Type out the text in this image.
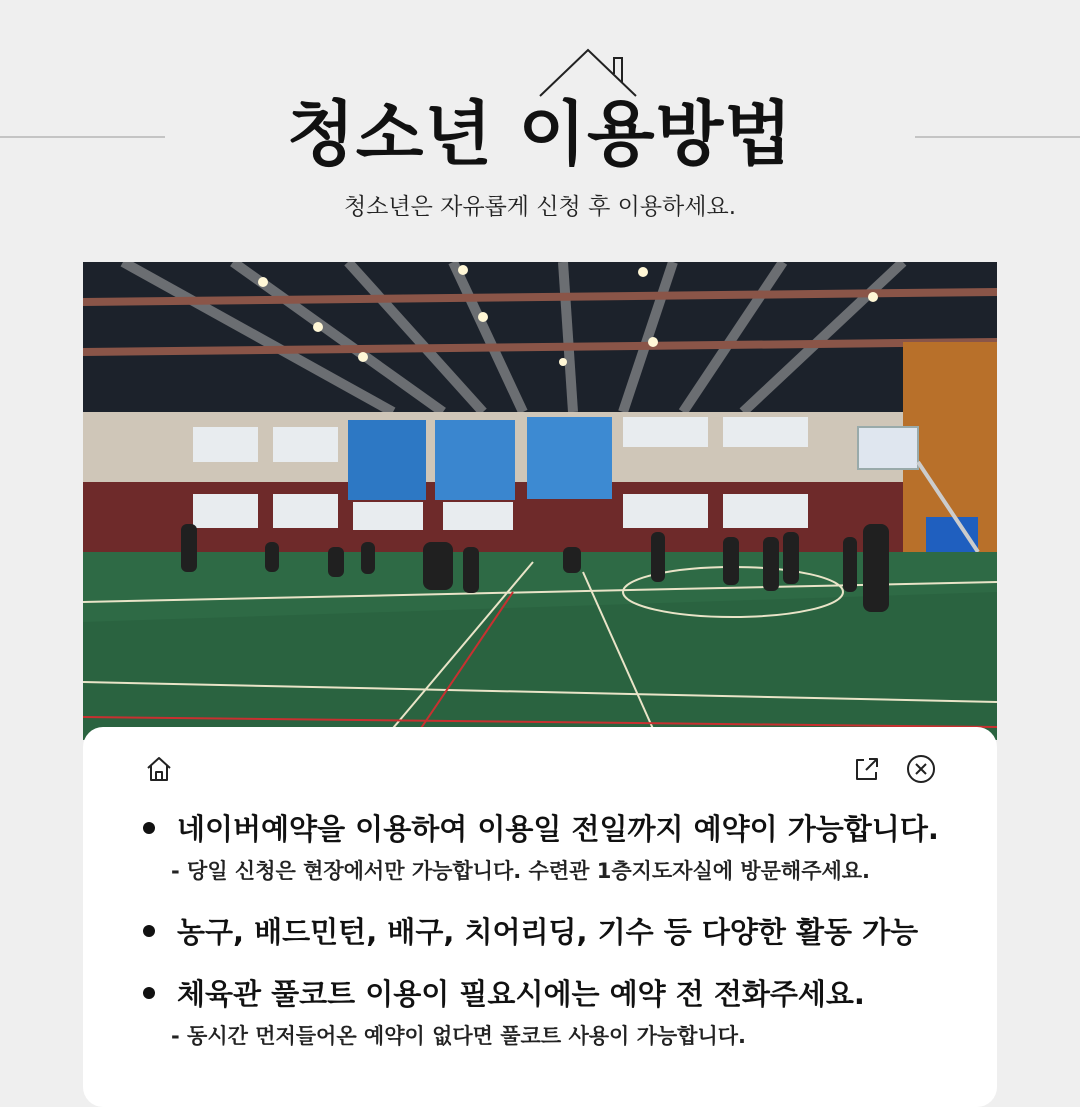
청소년 이용방법
청소년은 자유롭게 신청 후 이용하세요.
네이버예약을 이용하여 이용일 전일까지 예약이 가능합니다.
- 당일 신청은 현장에서만 가능합니다. 수련관 1층지도자실에 방문해주세요.
농구, 배드민턴, 배구, 치어리딩, 기수 등 다양한 활동 가능
체육관 풀코트 이용이 필요시에는 예약 전 전화주세요.
- 동시간 먼저들어온 예약이 없다면 풀코트 사용이 가능합니다.
